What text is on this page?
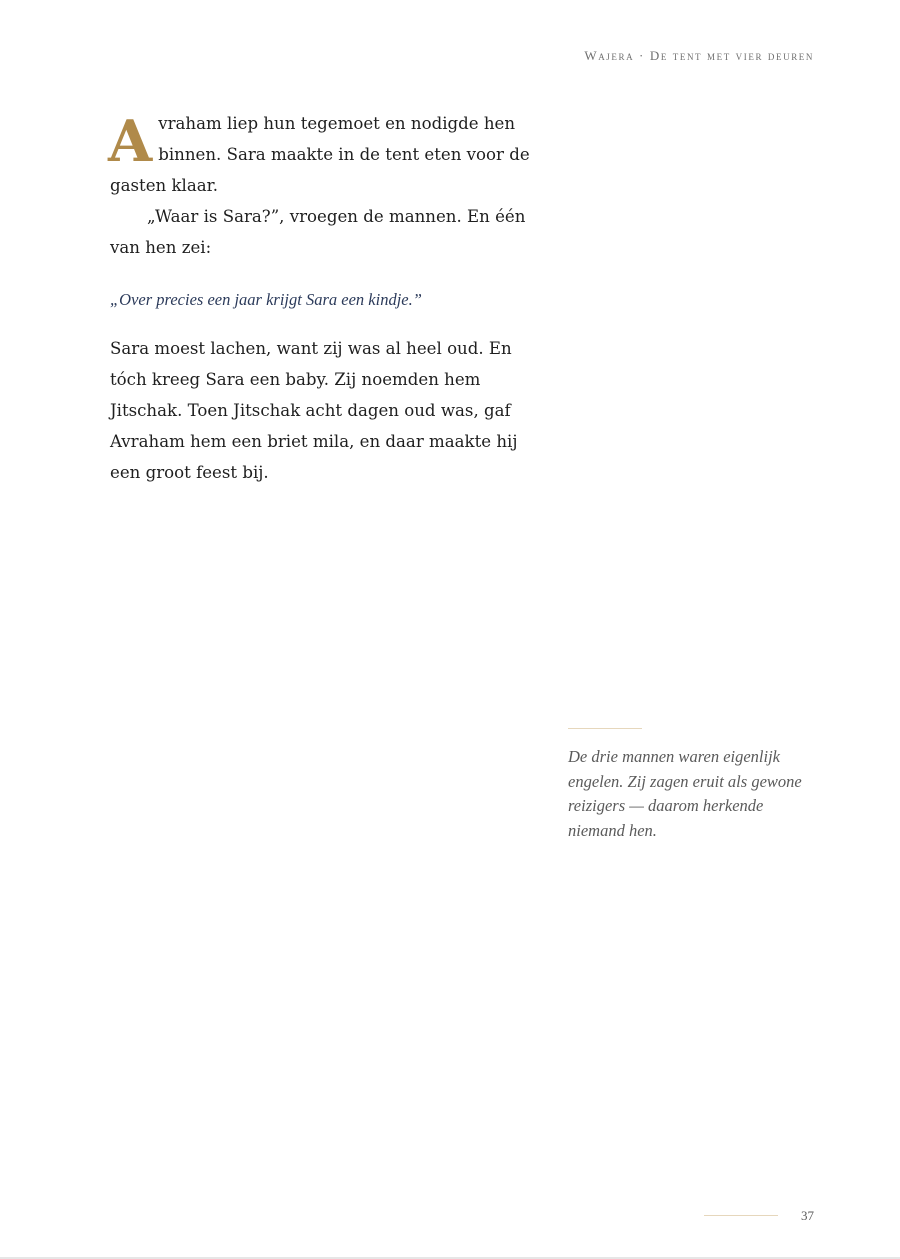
Wajera · De tent met vier deuren

Avraham liep hun tegemoet en nodigde hen binnen. Sara maakte in de tent eten voor de gasten klaar.

„Waar is Sara?”, vroegen de mannen. En één van hen zei:

„Over precies een jaar krijgt Sara een kindje.”

Sara moest lachen, want zij was al heel oud. En tóch kreeg Sara een baby. Zij noemden hem Jitschak. Toen Jitschak acht dagen oud was, gaf Avraham hem een briet mila, en daar maakte hij een groot feest bij.

De drie mannen waren eigenlijk engelen. Zij zagen eruit als gewone reizigers — daarom herkende niemand hen.

37
